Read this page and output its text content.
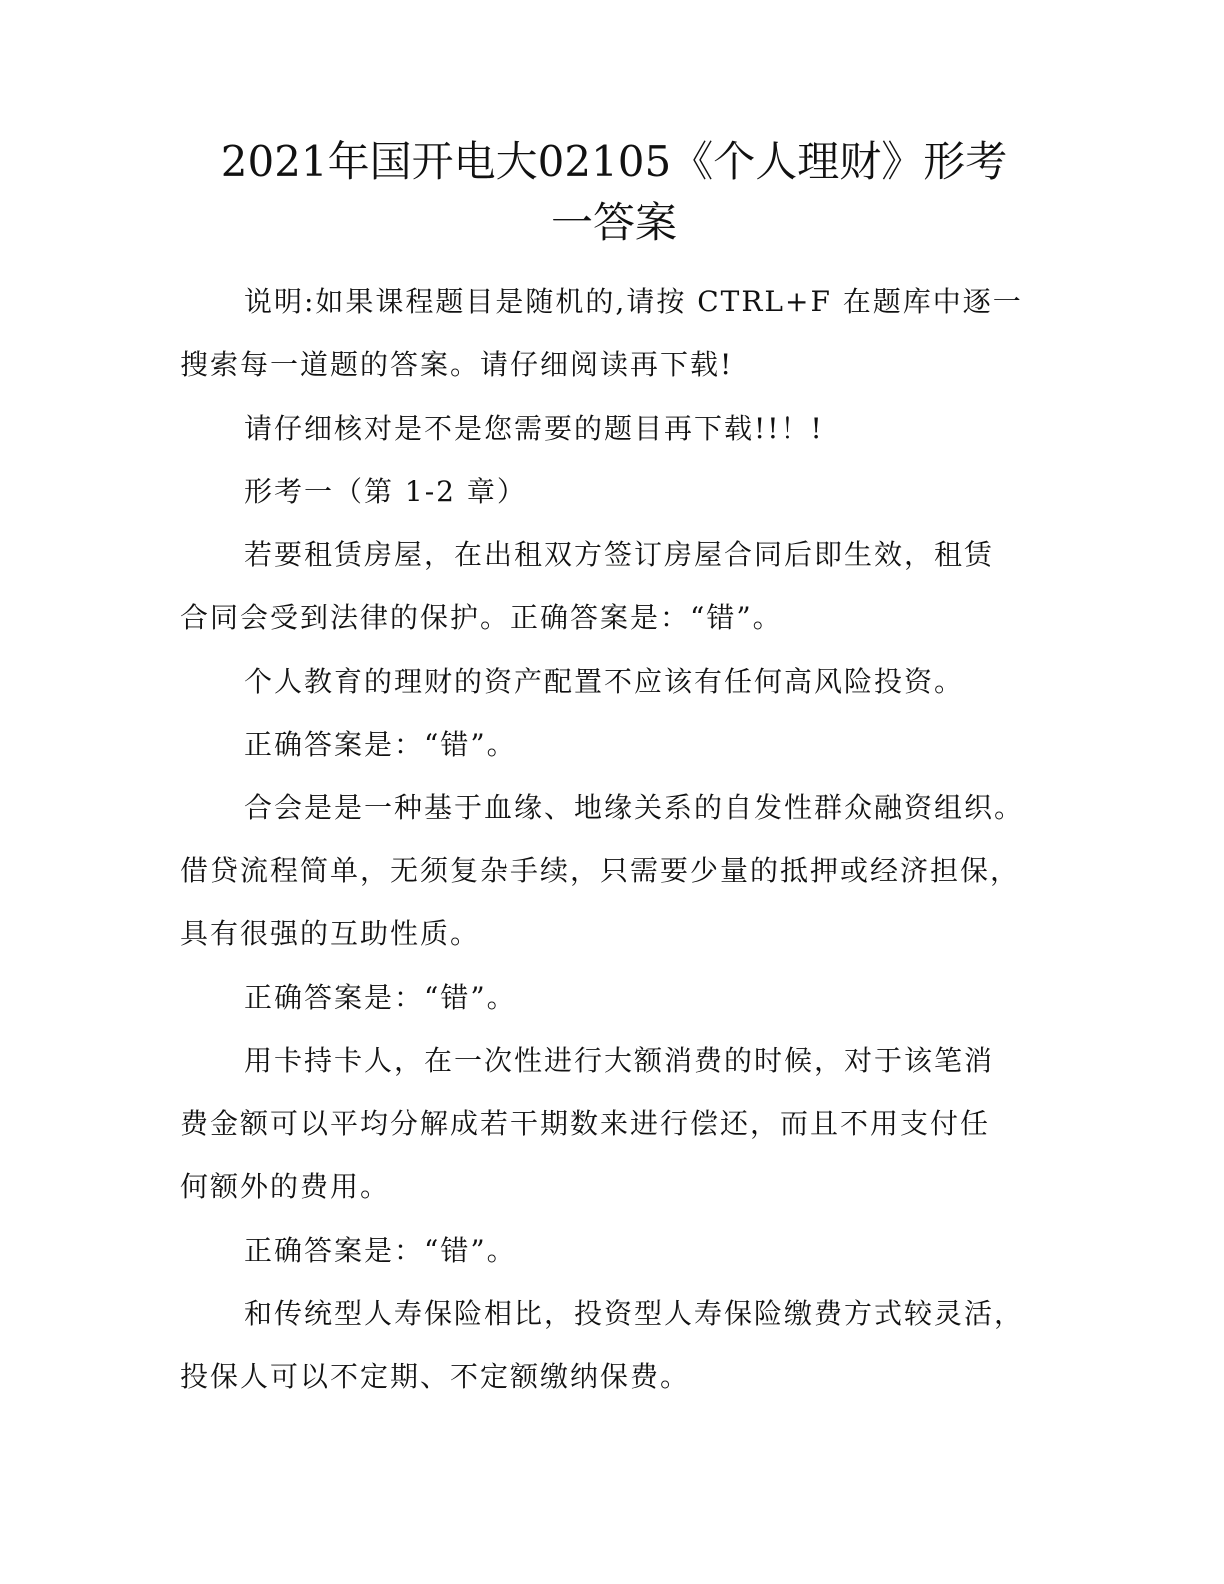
2021年国开电大02105《个人理财》形考
一答案
说明:如果课程题目是随机的,请按 CTRL+F 在题库中逐一
搜索每一道题的答案。请仔细阅读再下载!
请仔细核对是不是您需要的题目再下载!!！!
形考一（第 1-2 章）
若要租赁房屋，在出租双方签订房屋合同后即生效，租赁
合同会受到法律的保护。正确答案是：“错”。
个人教育的理财的资产配置不应该有任何高风险投资。
正确答案是：“错”。
合会是是一种基于血缘、地缘关系的自发性群众融资组织。
借贷流程简单，无须复杂手续，只需要少量的抵押或经济担保，
具有很强的互助性质。
正确答案是：“错”。
用卡持卡人，在一次性进行大额消费的时候，对于该笔消
费金额可以平均分解成若干期数来进行偿还，而且不用支付任
何额外的费用。
正确答案是：“错”。
和传统型人寿保险相比，投资型人寿保险缴费方式较灵活，
投保人可以不定期、不定额缴纳保费。
